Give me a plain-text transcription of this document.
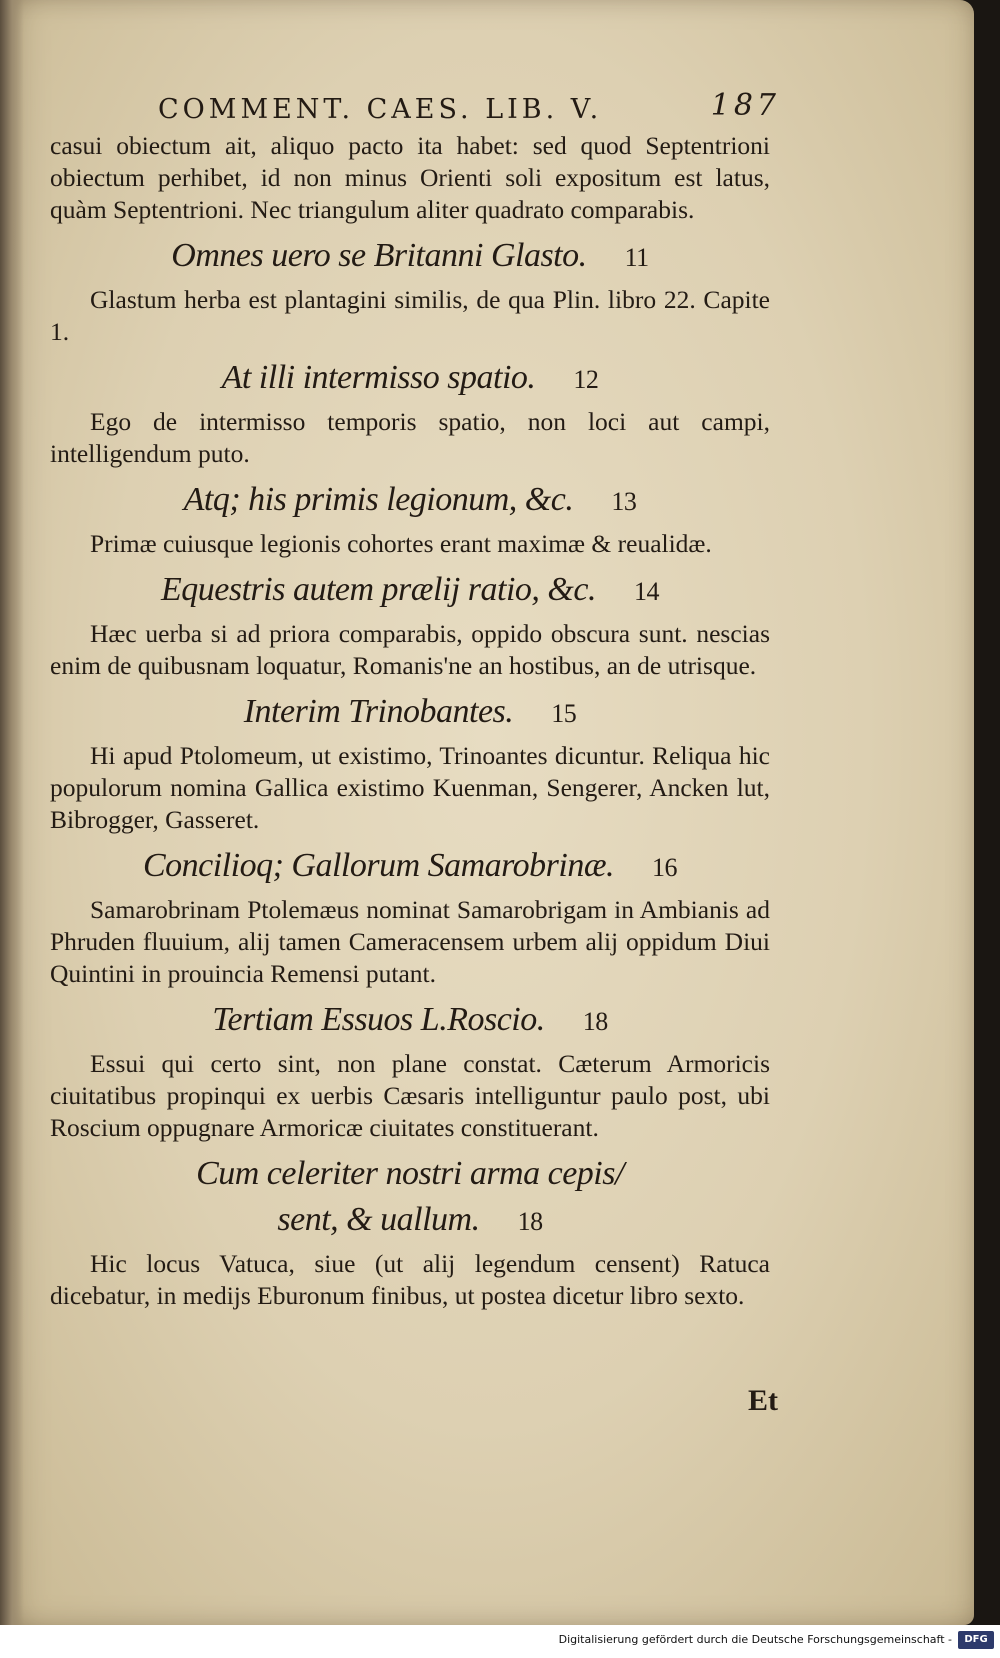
COMMENT. CAES. LIB. V.	187

casui obiectum ait, aliquo pacto ita habet: sed quod Septentrioni obiectum perhibet, id non minus Orienti soli expositum est latus, quàm Septentrioni. Nec triangulum aliter quadrato comparabis.

Omnes uero se Britanni Glasto. 11

Glastum herba est plantagini similis, de qua Plin. libro 22. Capite 1.

At illi intermisso spatio. 12

Ego de intermisso temporis spatio, non loci aut campi, intelligendum puto.

Atq; his primis legionum, &c. 13

Primæ cuiusque legionis cohortes erant maximæ & reualidæ.

Equestris autem prælij ratio, &c. 14

Hæc uerba si ad priora comparabis, oppido obscura sunt. nescias enim de quibusnam loquatur, Romanis'ne an hostibus, an de utrisque.

Interim Trinobantes. 15

Hi apud Ptolomeum, ut existimo, Trinoantes dicuntur. Reliqua hic populorum nomina Gallica existimo Kuenman, Sengerer, Ancken lut, Bibrogger, Gasseret.

Concilioq; Gallorum Samarobrinæ. 16

Samarobrinam Ptolemæus nominat Samarobrigam in Ambianis ad Phruden fluuium, alij tamen Cameracensem urbem alij oppidum Diui Quintini in prouincia Remensi putant.

Tertiam Essuos L.Roscio. 18

Essui qui certo sint, non plane constat. Cæterum Armoricis ciuitatibus propinqui ex uerbis Cæsaris intelliguntur paulo post, ubi Roscium oppugnare Armoricæ ciuitates constituerant.

Cum celeriter nostri arma cepis/
sent, & uallum. 18

Hic locus Vatuca, siue (ut alij legendum censent) Ratuca dicebatur, in medijs Eburonum finibus, ut postea dicetur libro sexto.

Et
Digitalisierung gefördert durch die Deutsche Forschungsgemeinschaft -	DFG
